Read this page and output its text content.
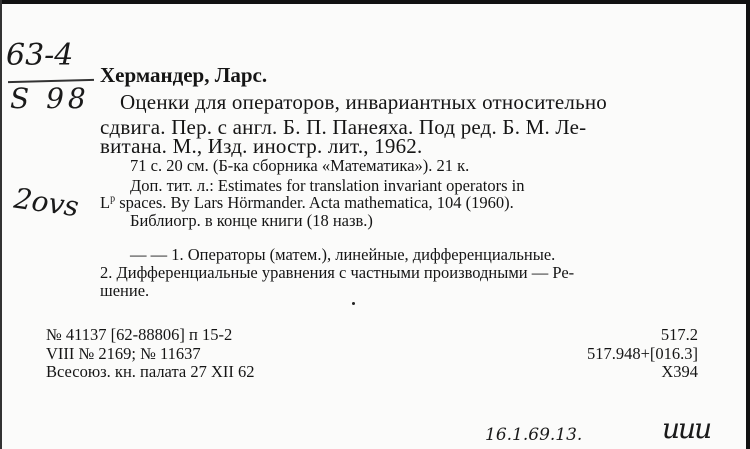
63-4
S 98
2ovs
Хермандер, Ларс.
Оценки для операторов, инвариантных относительно
сдвига. Пер. с англ. Б. П. Панеяха. Под ред. Б. М. Ле-
витана. М., Изд. иностр. лит., 1962.
71 с. 20 см. (Б-ка сборника «Математика»). 21 к.
Доп. тит. л.: Estimates for translation invariant operators in
$L^p$ spaces. By Lars Hörmander. Acta mathematica, 104 (1960).
Библиогр. в конце книги (18 назв.)
— — 1. Операторы (матем.), линейные, дифференциальные.
2. Дифференциальные уравнения с частными производными — Ре-
шение.
№ 41137 [62-88806] п 15-2
VIII № 2169; № 11637
Всесоюз. кн. палата 27 XII 62
517.2
517.948+[016.3]
Х394
16.1.69.13.	uuu
